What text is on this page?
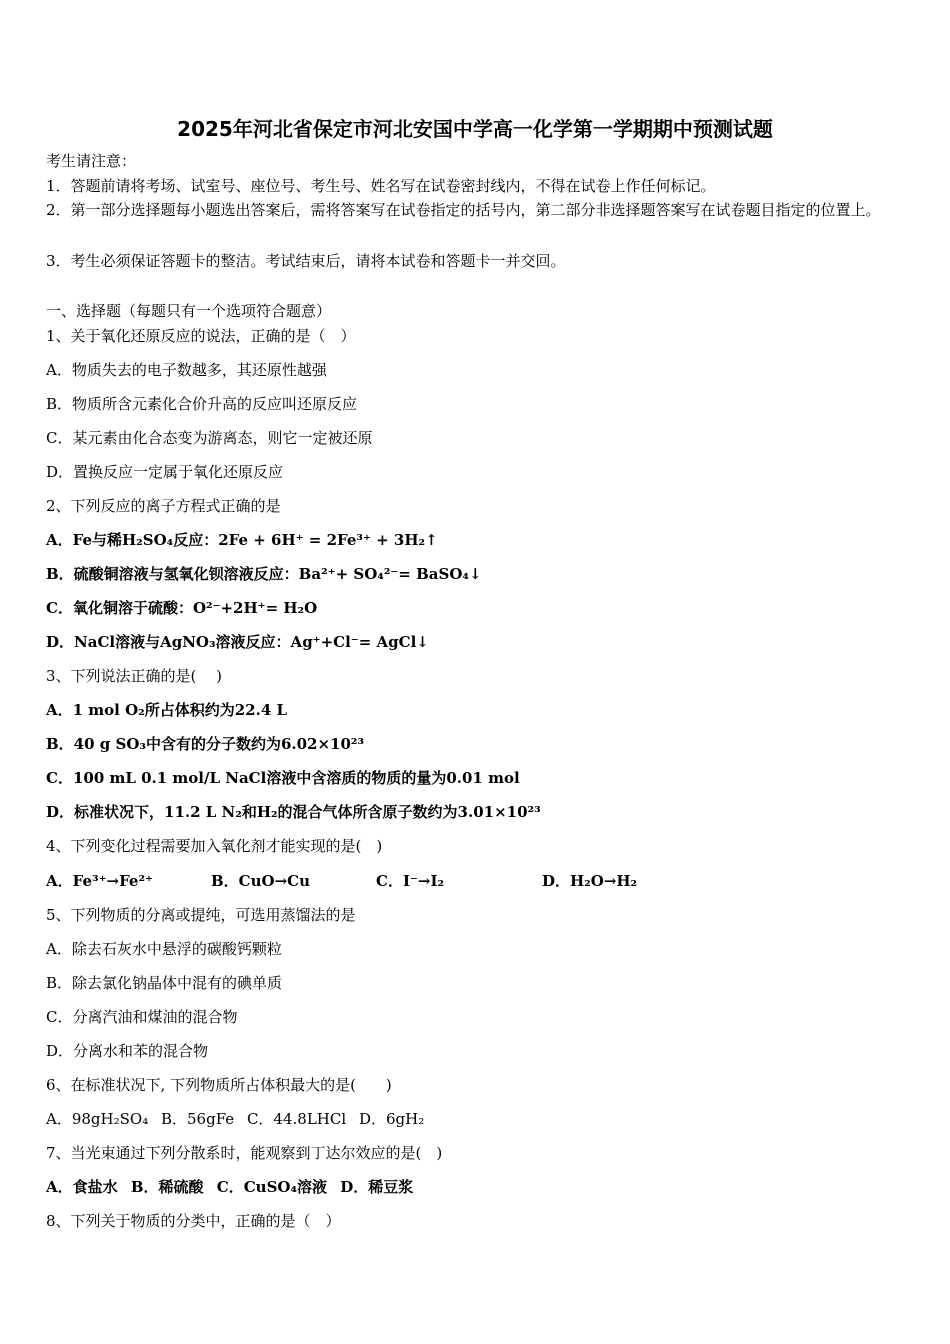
2025年河北省保定市河北安国中学高一化学第一学期期中预测试题
考生请注意：
1．答题前请将考场、试室号、座位号、考生号、姓名写在试卷密封线内，不得在试卷上作任何标记。
2．第一部分选择题每小题选出答案后，需将答案写在试卷指定的括号内，第二部分非选择题答案写在试卷题目指定的位置上。
3．考生必须保证答题卡的整洁。考试结束后，请将本试卷和答题卡一并交回。
一、选择题（每题只有一个选项符合题意）
1、关于氧化还原反应的说法，正确的是（　）
A．物质失去的电子数越多，其还原性越强
B．物质所含元素化合价升高的反应叫还原反应
C．某元素由化合态变为游离态，则它一定被还原
D．置换反应一定属于氧化还原反应
2、下列反应的离子方程式正确的是
A．Fe与稀H₂SO₄反应：2Fe + 6H⁺ = 2Fe³⁺ + 3H₂↑
B．硫酸铜溶液与氢氧化钡溶液反应：Ba²⁺+ SO₄²⁻= BaSO₄↓
C．氧化铜溶于硫酸：O²⁻+2H⁺= H₂O
D．NaCl溶液与AgNO₃溶液反应：Ag⁺+Cl⁻= AgCl↓
3、下列说法正确的是(　 )
A．1 mol O₂所占体积约为22.4 L
B．40 g SO₃中含有的分子数约为6.02×10²³
C．100 mL 0.1 mol/L NaCl溶液中含溶质的物质的量为0.01 mol
D．标准状况下，11.2 L N₂和H₂的混合气体所含原子数约为3.01×10²³
4、下列变化过程需要加入氧化剂才能实现的是(　)
A．Fe³⁺→Fe²⁺	B．CuO→Cu	C．I⁻→I₂	D．H₂O→H₂
5、下列物质的分离或提纯，可选用蒸馏法的是
A．除去石灰水中悬浮的碳酸钙颗粒
B．除去氯化钠晶体中混有的碘单质
C．分离汽油和煤油的混合物
D．分离水和苯的混合物
6、在标准状况下, 下列物质所占体积最大的是(　　)
A．98gH₂SO₄ B．56gFe C．44.8LHCl D．6gH₂
7、当光束通过下列分散系时，能观察到丁达尔效应的是(　)
A．食盐水 B．稀硫酸 C．CuSO₄溶液 D．稀豆浆
8、下列关于物质的分类中，正确的是（　）
